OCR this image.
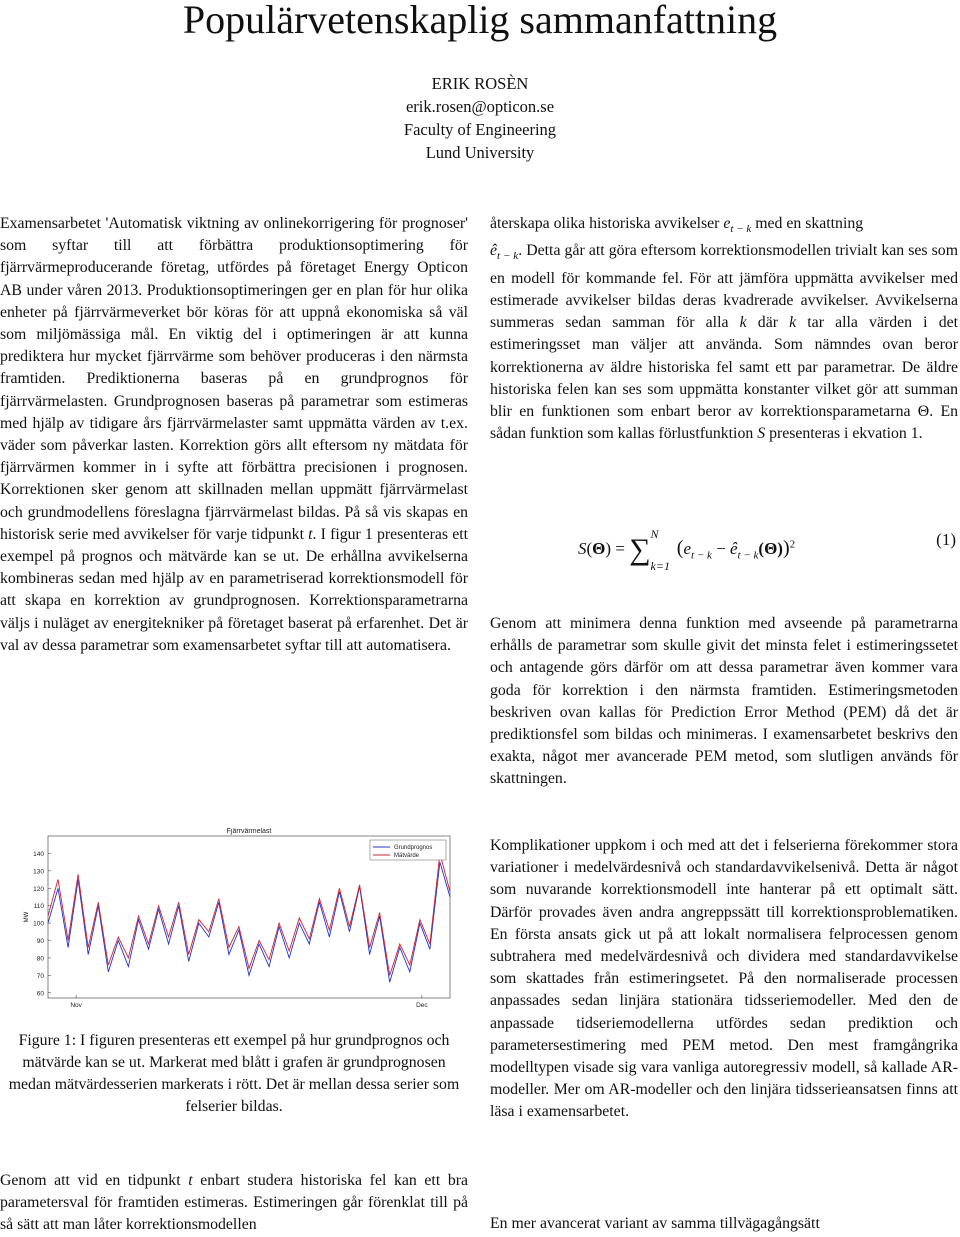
Populärvetenskaplig sammanfattning
ERIK ROSÈN
erik.rosen@opticon.se
Faculty of Engineering
Lund University

Examensarbetet 'Automatisk viktning av onlinekorrigering för prognoser' som syftar till att förbättra produktionsoptimering för fjärrvärmeproducerande företag, utfördes på företaget Energy Opticon AB under våren 2013. Produktionsoptimeringen ger en plan för hur olika enheter på fjärrvärmeverket bör köras för att uppnå ekonomiska så väl som miljömässiga mål. En viktig del i optimeringen är att kunna prediktera hur mycket fjärrvärme som behöver produceras i den närmsta framtiden. Prediktionerna baseras på en grundprognos för fjärrvärmelasten. Grundprognosen baseras på parametrar som estimeras med hjälp av tidigare års fjärrvärmelaster samt uppmätta värden av t.ex. väder som påverkar lasten. Korrektion görs allt eftersom ny mätdata för fjärrvärmen kommer in i syfte att förbättra precisionen i prognosen. Korrektionen sker genom att skillnaden mellan uppmätt fjärrvärmelast och grundmodellens föreslagna fjärrvärmelast bildas. På så vis skapas en historisk serie med avvikelser för varje tidpunkt t. I figur 1 presenteras ett exempel på prognos och mätvärde kan se ut. De erhållna avvikelserna kombineras sedan med hjälp av en parametriserad korrektionsmodell för att skapa en korrektion av grundprognosen. Korrektionsparametrarna väljs i nuläget av energitekniker på företaget baserat på erfarenhet. Det är val av dessa parametrar som examensarbetet syftar till att automatisera.

Fjärrvärmelast
MW
60
70
80
90
100
110
120
130
140
Nov	Dec
Grundprognos
Mätvärde
Figure 1: I figuren presenteras ett exempel på hur grundprognos och mätvärde kan se ut. Markerat med blått i grafen är grundprognosen medan mätvärdesserien markerats i rött. Det är mellan dessa serier som felserier bildas.

Genom att vid en tidpunkt t enbart studera historiska fel kan ett bra parametersval för framtiden estimeras. Estimeringen går förenklat till på så sätt att man låter korrektionsmodellen

återskapa olika historiska avvikelser $e_{t - k}$ med en skattning
$ê_{t - k}$. Detta går att göra eftersom korrektionsmodellen trivialt kan ses som en modell för kommande fel. För att jämföra uppmätta avvikelser med estimerade avvikelser bildas deras kvadrerade avvikelser. Avvikelserna summeras sedan samman för alla k där k tar alla värden i det estimeringsset man väljer att använda. Som nämndes ovan beror korrektionerna av äldre historiska fel samt ett par parametrar. De äldre historiska felen kan ses som uppmätta konstanter vilket gör att summan blir en funktionen som enbart beror av korrektionsparametarna Θ. En sådan funktion som kallas förlustfunktion S presenteras i ekvation 1.

S(Θ) = ∑ N
k=1
($e_{t - k}$ − $ê_{t - k}(\Theta))^2$	(1)

Genom att minimera denna funktion med avseende på parametrarna erhålls de parametrar som skulle givit det minsta felet i estimeringssetet och antagende görs därför om att dessa parametrar även kommer vara goda för korrektion i den närmsta framtiden. Estimeringsmetoden beskriven ovan kallas för Prediction Error Method (PEM) då det är prediktionsfel som bildas och minimeras. I examensarbetet beskrivs den exakta, något mer avancerade PEM metod, som slutligen används för skattningen.

Komplikationer uppkom i och med att det i felserierna förekommer stora variationer i medelvärdesnivå och standardavvikelsenivå. Detta är något som nuvarande korrektionsmodell inte hanterar på ett optimalt sätt. Därför provades även andra angreppssätt till korrektionsproblematiken. En första ansats gick ut på att lokalt normalisera felprocessen genom subtrahera med medelvärdesnivå och dividera med standardavvikelse som skattades från estimeringsetet. På den normaliserade processen anpassades sedan linjära stationära tidsseriemodeller. Med den de anpassade tidseriemodellerna utfördes sedan prediktion och parametersestimering med PEM metod. Den mest framgångrika modelltypen visade sig vara vanliga autoregressiv modell, så kallade AR-modeller. Mer om AR-modeller och den linjära tidsserieansatsen finns att läsa i examensarbetet.

En mer avancerat variant av samma tillvägagångsätt
